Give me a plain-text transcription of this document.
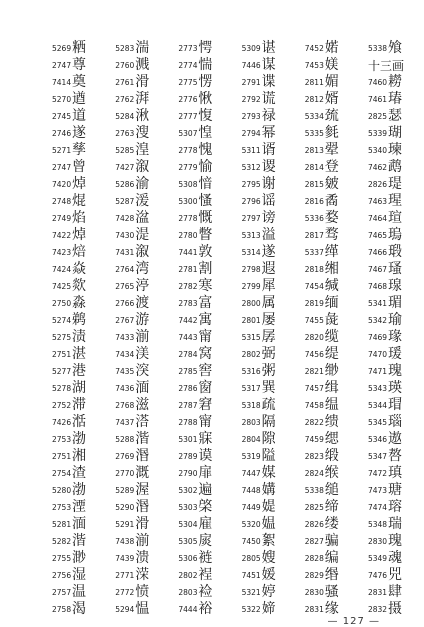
5338 飧
十三画
7460 耮
7461 瑃
2825 瑟
5339 瑚
5340 瑓
7462 鹉
2826 瑅
7463 瑆
7464 瑄
7465 瑦
7466 瑖
7467 瑵
7468 瑔
5341 瑂
5342 瑜
7469 瑑
7470 瑗
7471 瑰
5343 瑛
5344 瑁
5345 瑙
5346 遨
5347 嗸
7472 瑱
7473 瑭
7474 瑢
5348 瑞
2830 瑰
5349 魂
7476 兕
2831 肆
2832 摄
7452 婼
7453 媄
2811 媚
2812 婿
5334 巯
5335 毵
2813 翚
2814 登
2815 皴
2816 矞
5336 婺
2817 骛
5337 缂
2818 缃
7454 缄
2819 缅
7455 彘
2820 缆
7456 缇
2821 缈
7457 缉
7458 缊
2822 缋
7459 缌
2823 缎
2824 缑
5338 缒
2825 缔
2826 缕
2827 骗
2828 编
2829 缗
2830 骚
2831 缘
5309 谌
7446 谋
2791 谍
2792 谎
2793 禄
2794 幂
5311 谞
5312 谡
2795 谢
2796 谣
2797 谤
5313 溢
5314 遂
2798 遐
2799 犀
2800 属
2801 屡
5315 孱
2802 弼
5316 粥
5317 巽
5318 疏
2803 隔
2804 隙
5319 隘
7447 媒
7448 媾
7449 媞
5320 媪
7450 絮
2805 嫂
7451 媛
5321 婷
5322 媂
2773 愕
2774 惴
2775 愣
2776 愀
2777 愎
5307 惶
2778 愧
2779 愉
5308 愔
5300 慅
2778 慨
2780 瞥
7441 敦
2781 割
2782 寒
2783 富
7442 寓
7443 甯
2784 窝
2785 窖
2786 窗
2787 窘
2788 甯
5301 寐
2789 谟
2790 扉
5302 遍
5303 棨
5304 雇
5305 扊
5306 裢
2802 裎
2803 裣
7444 裕
5283 湍
2760 溅
2761 滑
2762 湃
5284 湫
2763 溲
5285 湟
7427 溆
5286 渝
5287 湲
7428 湓
7430 湜
7431 溆
2764 湾
2765 渟
2766 渡
2767 游
7433 湔
7434 渼
7435 湥
7436 湎
2768 滋
7437 溚
5288 湝
2769 湣
2770 溉
5289 渥
5290 湣
5291 滑
7438 湔
7439 溃
2771 溁
2772 愤
5294 愠
5269 粞
2747 尊
7414 奠
5270 遒
2745 道
2746 遂
5271 孳
2747 曾
7420 焯
2748 焜
2749 焰
7422 焯
7423 焙
7424 焱
7425 欻
2750 淼
5274 鹈
5275 渍
2751 湛
5277 港
5278 湖
2752 滞
7426 湉
2753 渤
2751 湘
2754 渣
5280 渤
2753 湮
5281 湎
5282 湝
2755 渺
2756 湿
2757 温
2758 渴
— 127 —
